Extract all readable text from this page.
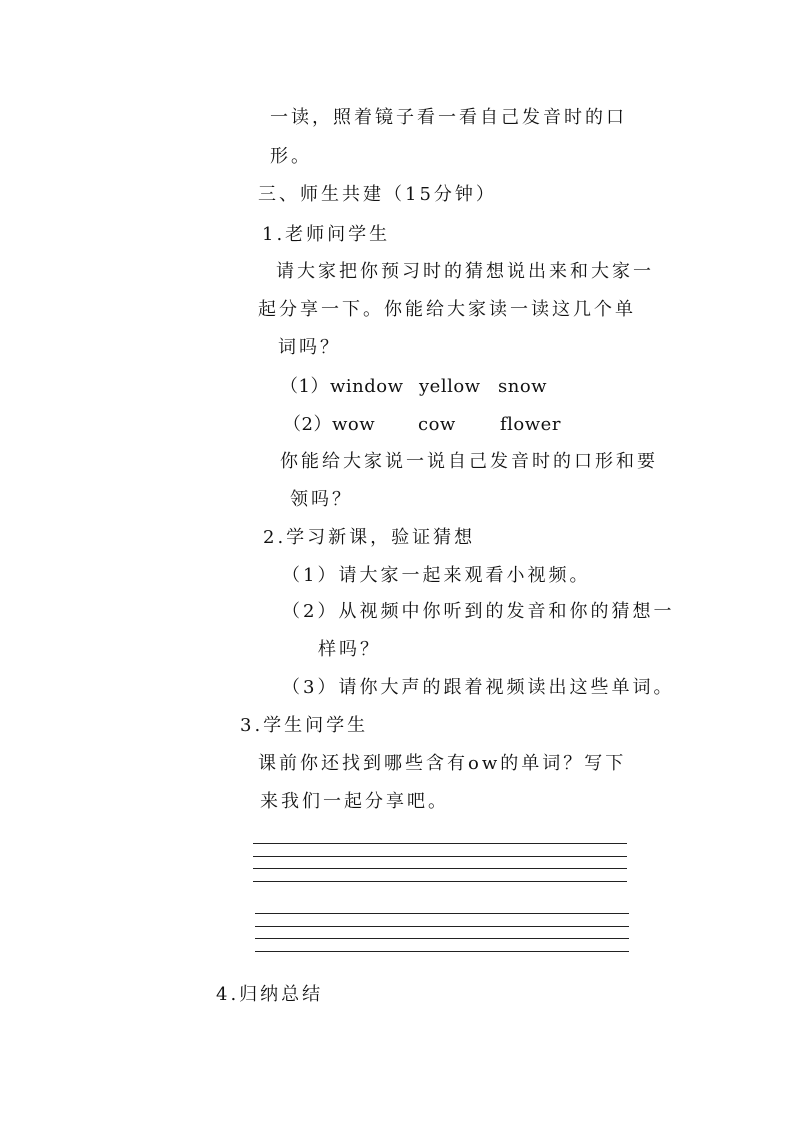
一读，照着镜子看一看自己发音时的口
形。
三、师生共建（15分钟）
1.老师问学生
请大家把你预习时的猜想说出来和大家一
起分享一下。你能给大家读一读这几个单
词吗？
（1） window yellow snow
（2） wow cow flower
你能给大家说一说自己发音时的口形和要
领吗？
2.学习新课，验证猜想
（1）请大家一起来观看小视频。
（2）从视频中你听到的发音和你的猜想一
样吗？
（3）请你大声的跟着视频读出这些单词。
3.学生问学生
课前你还找到哪些含有ow的单词？写下
来我们一起分享吧。
4.归纳总结
